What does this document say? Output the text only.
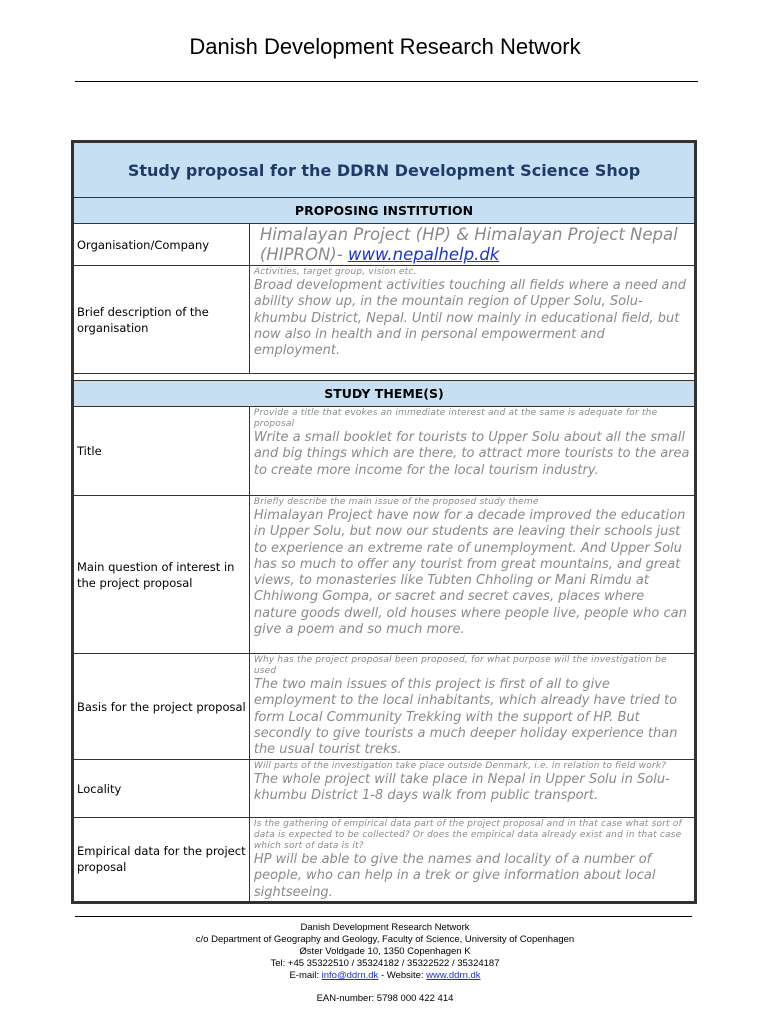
Danish Development Research Network
Study proposal for the DDRN Development Science Shop	
PROPOSING INSTITUTION	
Organisation/Company	Himalayan Project (HP) & Himalayan Project Nepal (HIPRON)- www.nepalhelp.dk

Brief description of the organisation	Activities, target group, vision etc.
Broad development activities touching all fields where a need and ability show up, in the mountain region of Upper Solu, Solu-khumbu District, Nepal. Until now mainly in educational field, but now also in health and in personal empowerment and employment.

STUDY THEME(S)	
Title	Provide a title that evokes an immediate interest and at the same is adequate for the proposal
Write a small booklet for tourists to Upper Solu about all the small and big things which are there, to attract more tourists to the area to create more income for the local tourism industry.

Main question of interest in the project proposal	Briefly describe the main issue of the proposed study theme
Himalayan Project have now for a decade improved the education in Upper Solu, but now our students are leaving their schools just to experience an extreme rate of unemployment. And Upper Solu has so much to offer any tourist from great mountains, and great views, to monasteries like Tubten Chholing or Mani Rimdu at Chhiwong Gompa, or sacret and secret caves, places where nature goods dwell, old houses where people live, people who can give a poem and so much more.

Basis for the project proposal	Why has the project proposal been proposed, for what purpose will the investigation be used
The two main issues of this project is first of all to give employment to the local inhabitants, which already have tried to form Local Community Trekking with the support of HP. But secondly to give tourists a much deeper holiday experience than the usual tourist treks.

Locality	Will parts of the investigation take place outside Denmark, i.e. in relation to field work?
The whole project will take place in Nepal in Upper Solu in Solu-khumbu District 1-8 days walk from public transport.

Empirical data for the project proposal	Is the gathering of empirical data part of the project proposal and in that case what sort of data is expected to be collected? Or does the empirical data already exist and in that case which sort of data is it?
HP will be able to give the names and locality of a number of people, who can help in a trek or give information about local sightseeing.
Danish Development Research Network
c/o Department of Geography and Geology, Faculty of Science, University of Copenhagen
Øster Voldgade 10, 1350 Copenhagen K
Tel: +45 35322510 / 35324182 / 35322522 / 35324187
E-mail: info@ddrn.dk - Website: www.ddrn.dk
EAN-number: 5798 000 422 414
